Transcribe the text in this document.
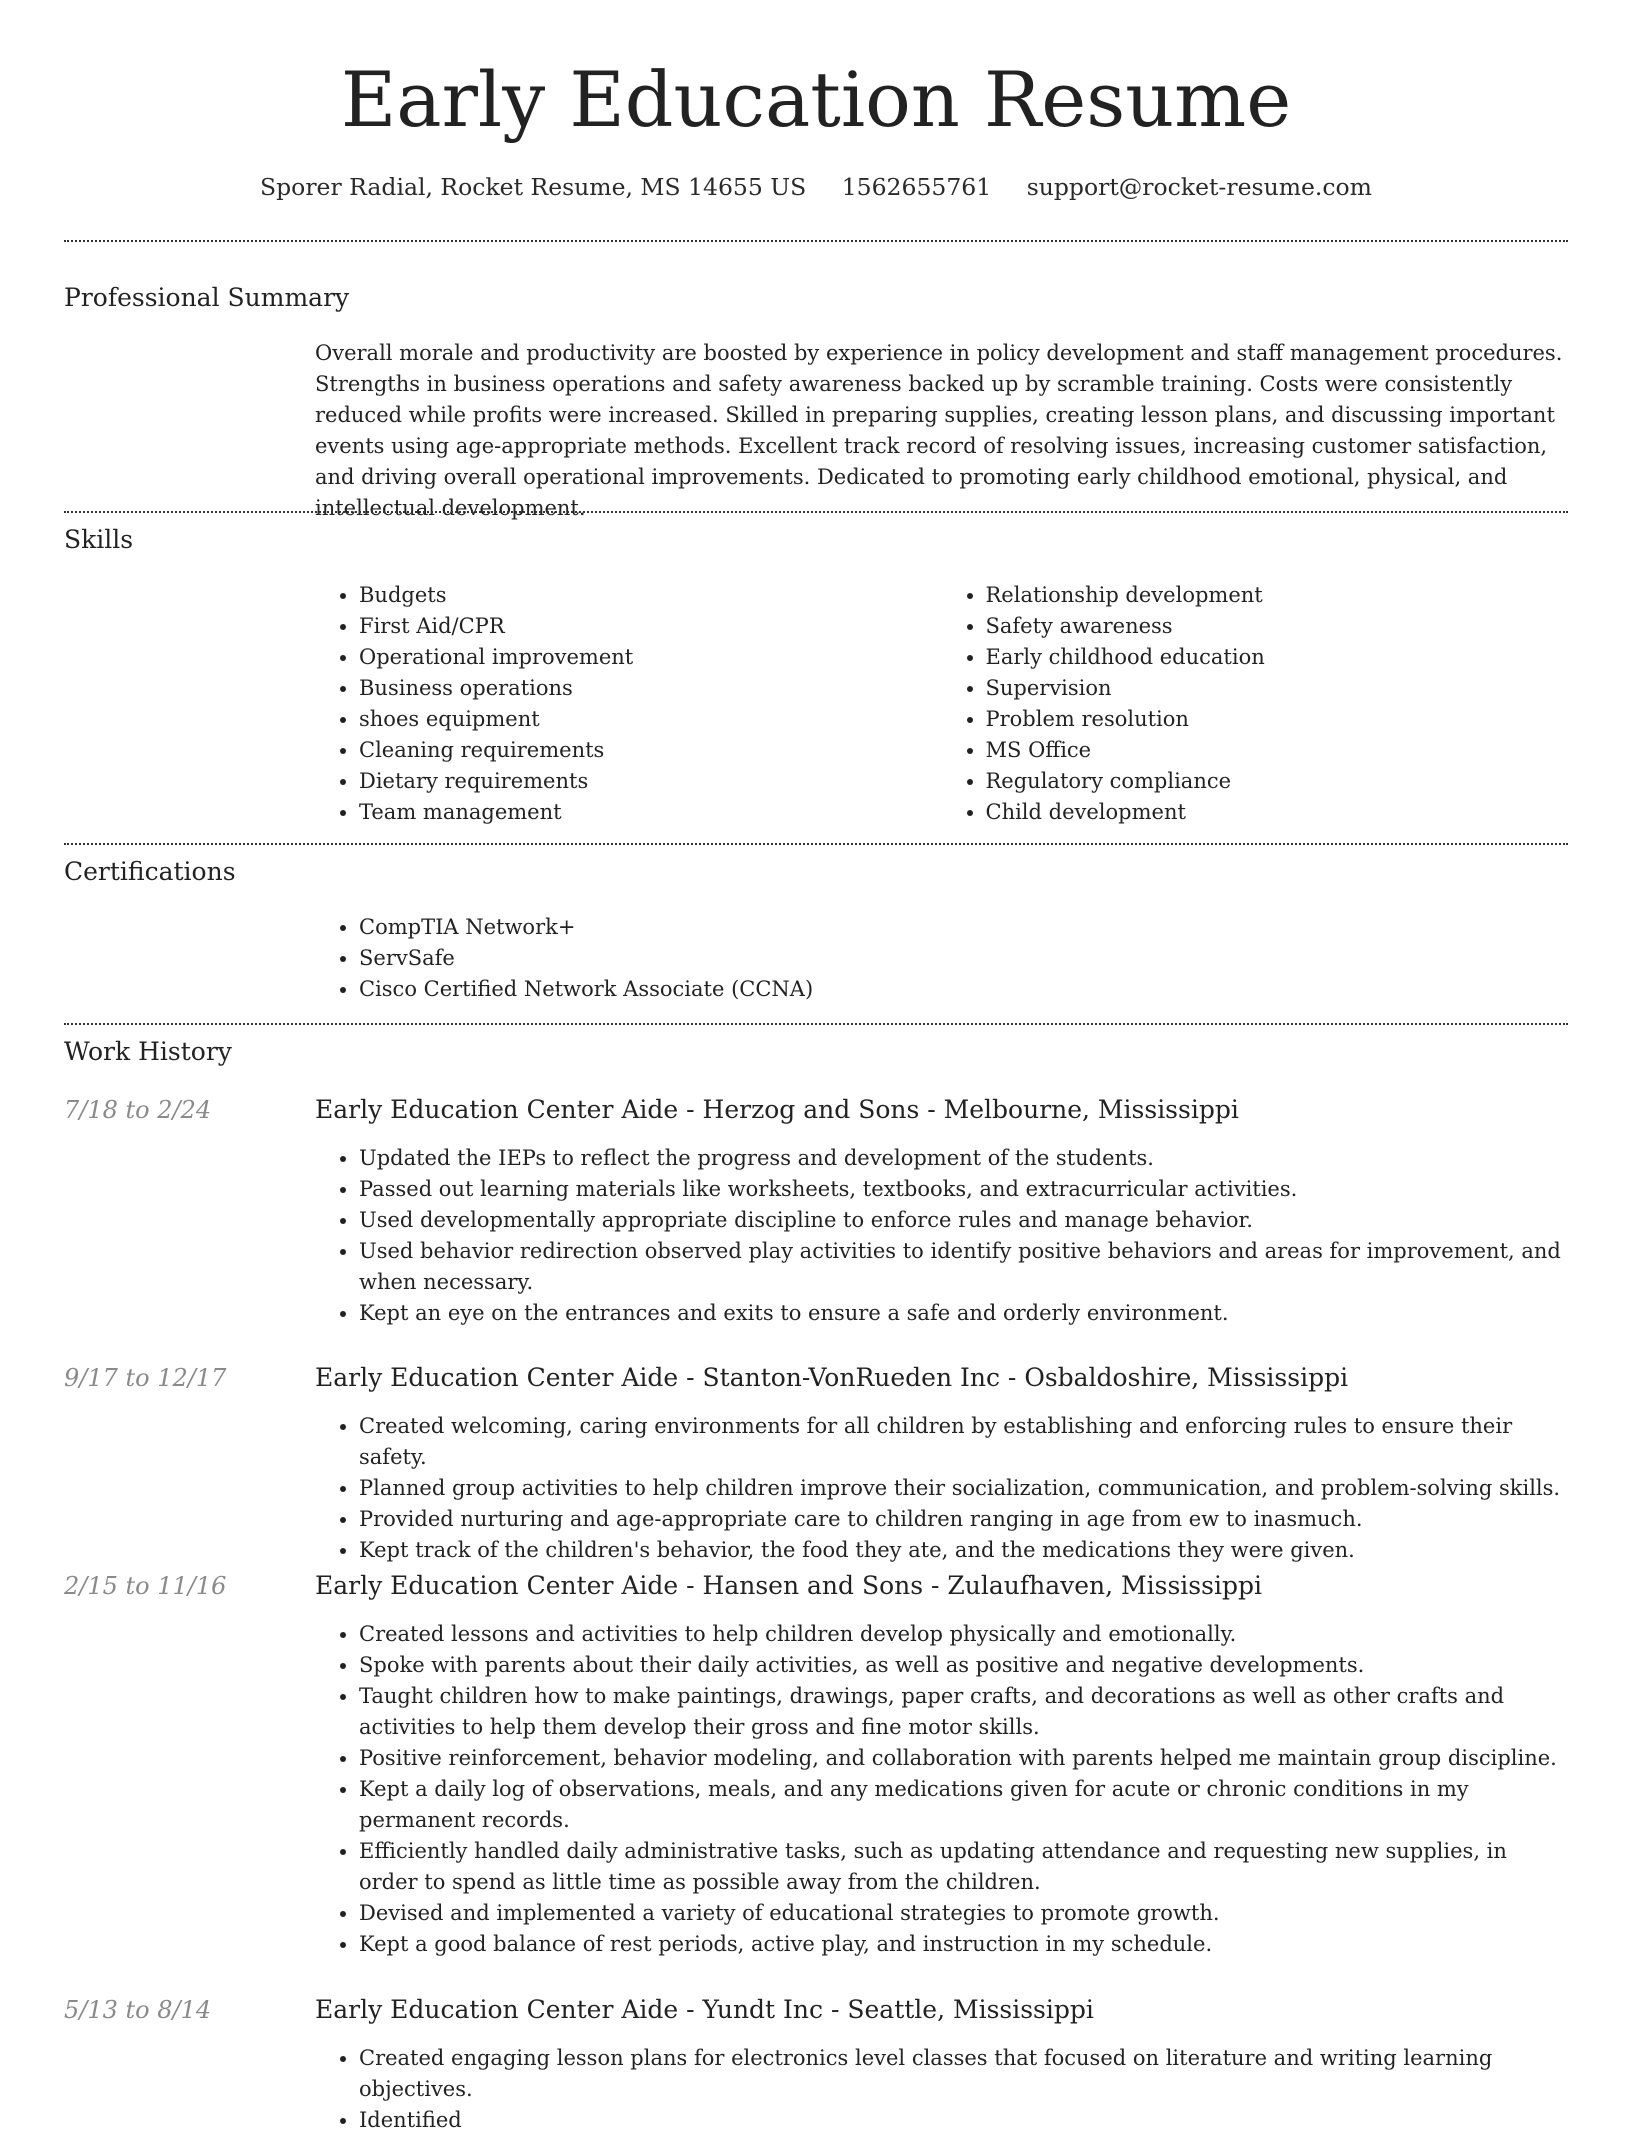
Early Education Resume
Sporer Radial, Rocket Resume, MS 14655 US 1562655761 support@rocket-resume.com
Professional Summary
Overall morale and productivity are boosted by experience in policy development and staff management procedures. Strengths in business operations and safety awareness backed up by scramble training. Costs were consistently reduced while profits were increased. Skilled in preparing supplies, creating lesson plans, and discussing important events using age-appropriate methods. Excellent track record of resolving issues, increasing customer satisfaction, and driving overall operational improvements. Dedicated to promoting early childhood emotional, physical, and intellectual development.
Skills
• Budgets
• First Aid/CPR
• Operational improvement
• Business operations
• shoes equipment
• Cleaning requirements
• Dietary requirements
• Team management
• Relationship development
• Safety awareness
• Early childhood education
• Supervision
• Problem resolution
• MS Office
• Regulatory compliance
• Child development
Certifications
• CompTIA Network+
• ServSafe
• Cisco Certified Network Associate (CCNA)
Work History
7/18 to 2/24	Early Education Center Aide - Herzog and Sons - Melbourne, Mississippi
• Updated the IEPs to reflect the progress and development of the students.
• Passed out learning materials like worksheets, textbooks, and extracurricular activities.
• Used developmentally appropriate discipline to enforce rules and manage behavior.
• Used behavior redirection observed play activities to identify positive behaviors and areas for improvement, and when necessary.
• Kept an eye on the entrances and exits to ensure a safe and orderly environment.
9/17 to 12/17	Early Education Center Aide - Stanton-VonRueden Inc - Osbaldoshire, Mississippi
• Created welcoming, caring environments for all children by establishing and enforcing rules to ensure their safety.
• Planned group activities to help children improve their socialization, communication, and problem-solving skills.
• Provided nurturing and age-appropriate care to children ranging in age from ew to inasmuch.
• Kept track of the children's behavior, the food they ate, and the medications they were given.
2/15 to 11/16	Early Education Center Aide - Hansen and Sons - Zulaufhaven, Mississippi
• Created lessons and activities to help children develop physically and emotionally.
• Spoke with parents about their daily activities, as well as positive and negative developments.
• Taught children how to make paintings, drawings, paper crafts, and decorations as well as other crafts and activities to help them develop their gross and fine motor skills.
• Positive reinforcement, behavior modeling, and collaboration with parents helped me maintain group discipline.
• Kept a daily log of observations, meals, and any medications given for acute or chronic conditions in my permanent records.
• Efficiently handled daily administrative tasks, such as updating attendance and requesting new supplies, in order to spend as little time as possible away from the children.
• Devised and implemented a variety of educational strategies to promote growth.
• Kept a good balance of rest periods, active play, and instruction in my schedule.
5/13 to 8/14	Early Education Center Aide - Yundt Inc - Seattle, Mississippi
• Created engaging lesson plans for electronics level classes that focused on literature and writing learning objectives.
• Identified
